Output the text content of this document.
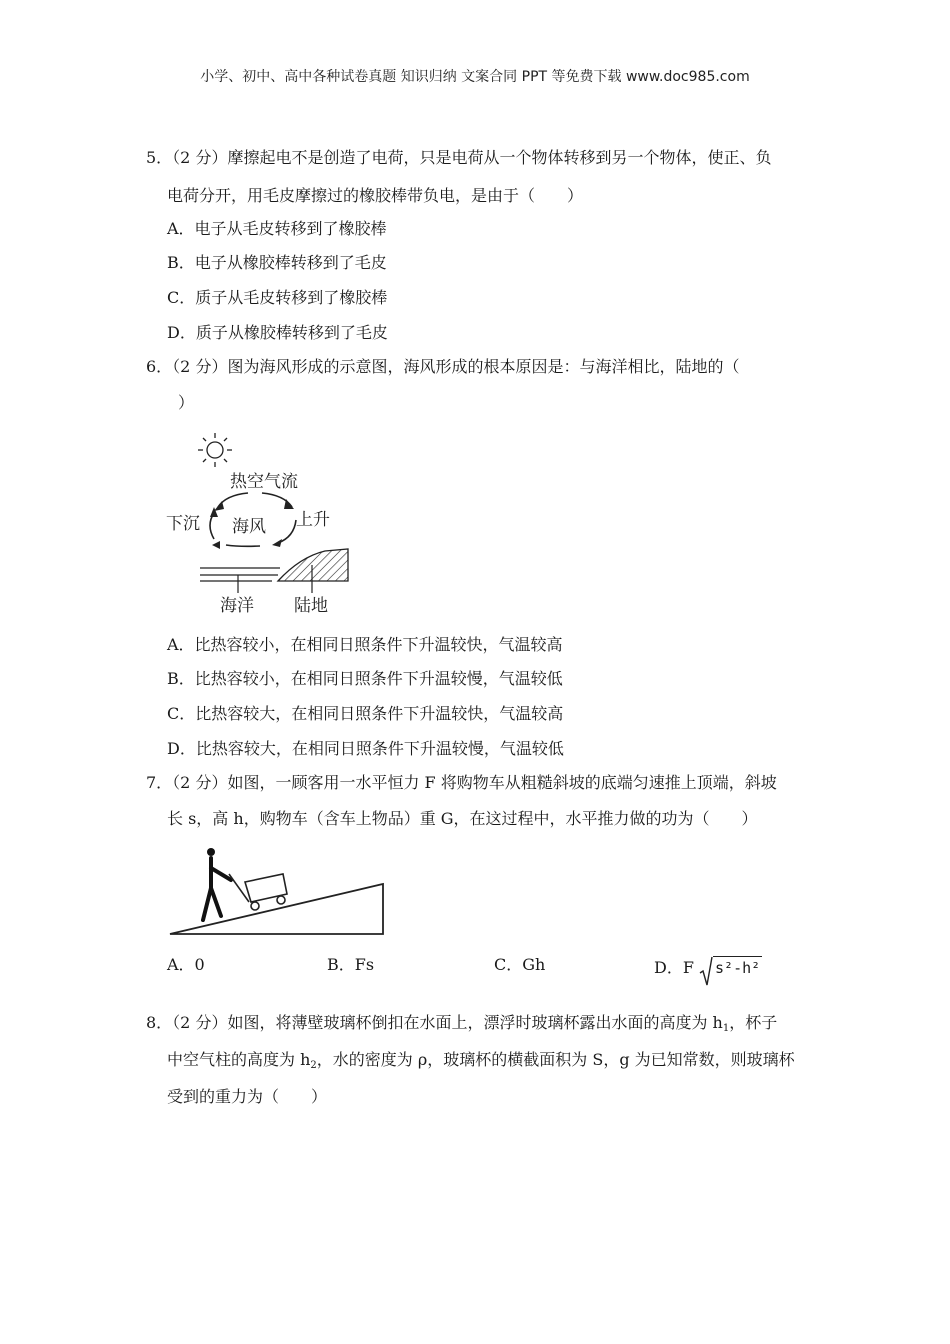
小学、初中、高中各种试卷真题 知识归纳 文案合同 PPT 等免费下载 www.doc985.com
5．（2 分）摩擦起电不是创造了电荷，只是电荷从一个物体转移到另一个物体，使正、负
电荷分开，用毛皮摩擦过的橡胶棒带负电，是由于（　　）
A．电子从毛皮转移到了橡胶棒
B．电子从橡胶棒转移到了毛皮
C．质子从毛皮转移到了橡胶棒
D．质子从橡胶棒转移到了毛皮
6．（2 分）图为海风形成的示意图，海风形成的根本原因是：与海洋相比，陆地的（
）
热空气流
下沉	上升
海风
海洋 陆地
A．比热容较小，在相同日照条件下升温较快，气温较高
B．比热容较小，在相同日照条件下升温较慢，气温较低
C．比热容较大，在相同日照条件下升温较快，气温较高
D．比热容较大，在相同日照条件下升温较慢，气温较低
7．（2 分）如图，一顾客用一水平恒力 F 将购物车从粗糙斜坡的底端匀速推上顶端，斜坡
长 s，高 h，购物车（含车上物品）重 G，在这过程中，水平推力做的功为（　　）
A．0	B．Fs	C．Gh	D．F s²-h²
8．（2 分）如图，将薄壁玻璃杯倒扣在水面上，漂浮时玻璃杯露出水面的高度为 $h_1$，杯子
中空气柱的高度为 $h_2$，水的密度为 ρ，玻璃杯的横截面积为 S，g 为已知常数，则玻璃杯
受到的重力为（　　）
